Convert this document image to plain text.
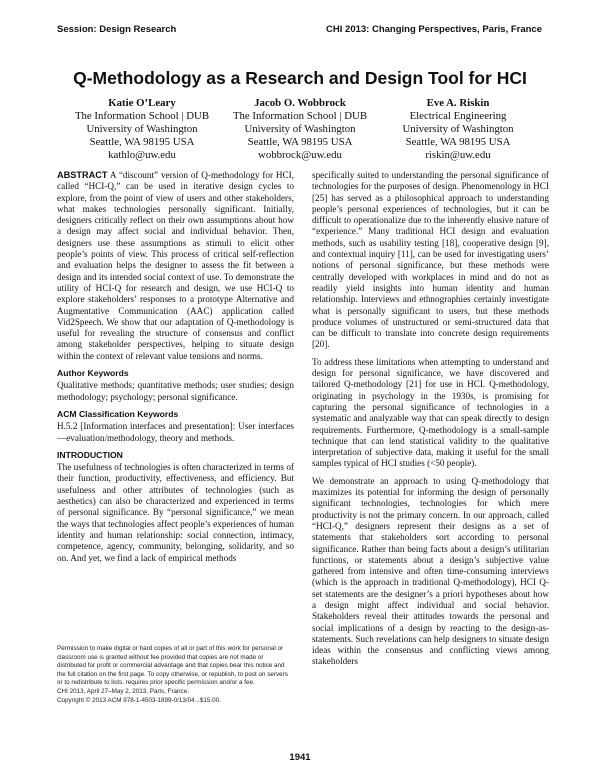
Session: Design Research	CHI 2013: Changing Perspectives, Paris, France
Q-Methodology as a Research and Design Tool for HCI
Katie O’Leary
The Information School | DUB
University of Washington
Seattle, WA 98195 USA
kathlo@uw.edu
Jacob O. Wobbrock
The Information School | DUB
University of Washington
Seattle, WA 98195 USA
wobbrock@uw.edu
Eve A. Riskin
Electrical Engineering
University of Washington
Seattle, WA 98195 USA
riskin@uw.edu

ABSTRACT A “discount” version of Q-methodology for HCI, called “HCI-Q,” can be used in iterative design cycles to explore, from the point of view of users and other stakeholders, what makes technologies personally significant. Initially, designers critically reflect on their own assumptions about how a design may affect social and individual behavior. Then, designers use these assumptions as stimuli to elicit other people’s points of view. This process of critical self-reflection and evaluation helps the designer to assess the fit between a design and its intended social context of use. To demonstrate the utility of HCI-Q for research and design, we use HCI-Q to explore stakeholders’ responses to a prototype Alternative and Augmentative Communication (AAC) application called Vid2Speech. We show that our adaptation of Q-methodology is useful for revealing the structure of consensus and conflict among stakeholder perspectives, helping to situate design within the context of relevant value tensions and norms.

Author Keywords

Qualitative methods; quantitative methods; user studies; design methodology; psychology; personal significance.

ACM Classification Keywords

H.5.2 [Information interfaces and presentation]: User interfaces—evaluation/methodology, theory and methods.

INTRODUCTION

The usefulness of technologies is often characterized in terms of their function, productivity, effectiveness, and efficiency. But usefulness and other attributes of technologies (such as aesthetics) can also be characterized and experienced in terms of personal significance. By “personal significance,” we mean the ways that technologies affect people’s experiences of human identity and human relationship: social connection, intimacy, competence, agency, community, belonging, solidarity, and so on. And yet, we find a lack of empirical methods

specifically suited to understanding the personal significance of technologies for the purposes of design. Phenomenology in HCI [25] has served as a philosophical approach to understanding people’s personal experiences of technologies, but it can be difficult to operationalize due to the inherently elusive nature of “experience.” Many traditional HCI design and evaluation methods, such as usability testing [18], cooperative design [9], and contextual inquiry [11], can be used for investigating users’ notions of personal significance, but these methods were centrally developed with workplaces in mind and do not as readily yield insights into human identity and human relationship. Interviews and ethnographies certainly investigate what is personally significant to users, but these methods produce volumes of unstructured or semi-structured data that can be difficult to translate into concrete design requirements [20].

To address these limitations when attempting to understand and design for personal significance, we have discovered and tailored Q-methodology [21] for use in HCI. Q-methodology, originating in psychology in the 1930s, is promising for capturing the personal significance of technologies in a systematic and analyzable way that can speak directly to design requirements. Furthermore, Q-methodology is a small-sample technique that can lend statistical validity to the qualitative interpretation of subjective data, making it useful for the small samples typical of HCI studies (<50 people).

We demonstrate an approach to using Q-methodology that maximizes its potential for informing the design of personally significant technologies, technologies for which mere productivity is not the primary concern. In our approach, called “HCI-Q,” designers represent their designs as a set of statements that stakeholders sort according to personal significance. Rather than being facts about a design’s utilitarian functions, or statements about a design’s subjective value gathered from intensive and often time-consuming interviews (which is the approach in traditional Q-methodology), HCI Q-set statements are the designer’s a priori hypotheses about how a design might affect individual and social behavior. Stakeholders reveal their attitudes towards the personal and social implications of a design by reacting to the design-as-statements. Such revelations can help designers to situate design ideas within the consensus and conflicting views among stakeholders

Permission to make digital or hard copies of all or part of this work for personal or classroom use is granted without fee provided that copies are not made or distributed for profit or commercial advantage and that copies bear this notice and the full citation on the first page. To copy otherwise, or republish, to post on servers or to redistribute to lists, requires prior specific permission and/or a fee.

CHI 2013, April 27–May 2, 2013, Paris, France.

Copyright © 2013 ACM 978-1-4503-1899-0/13/04...$15.00.

1941
